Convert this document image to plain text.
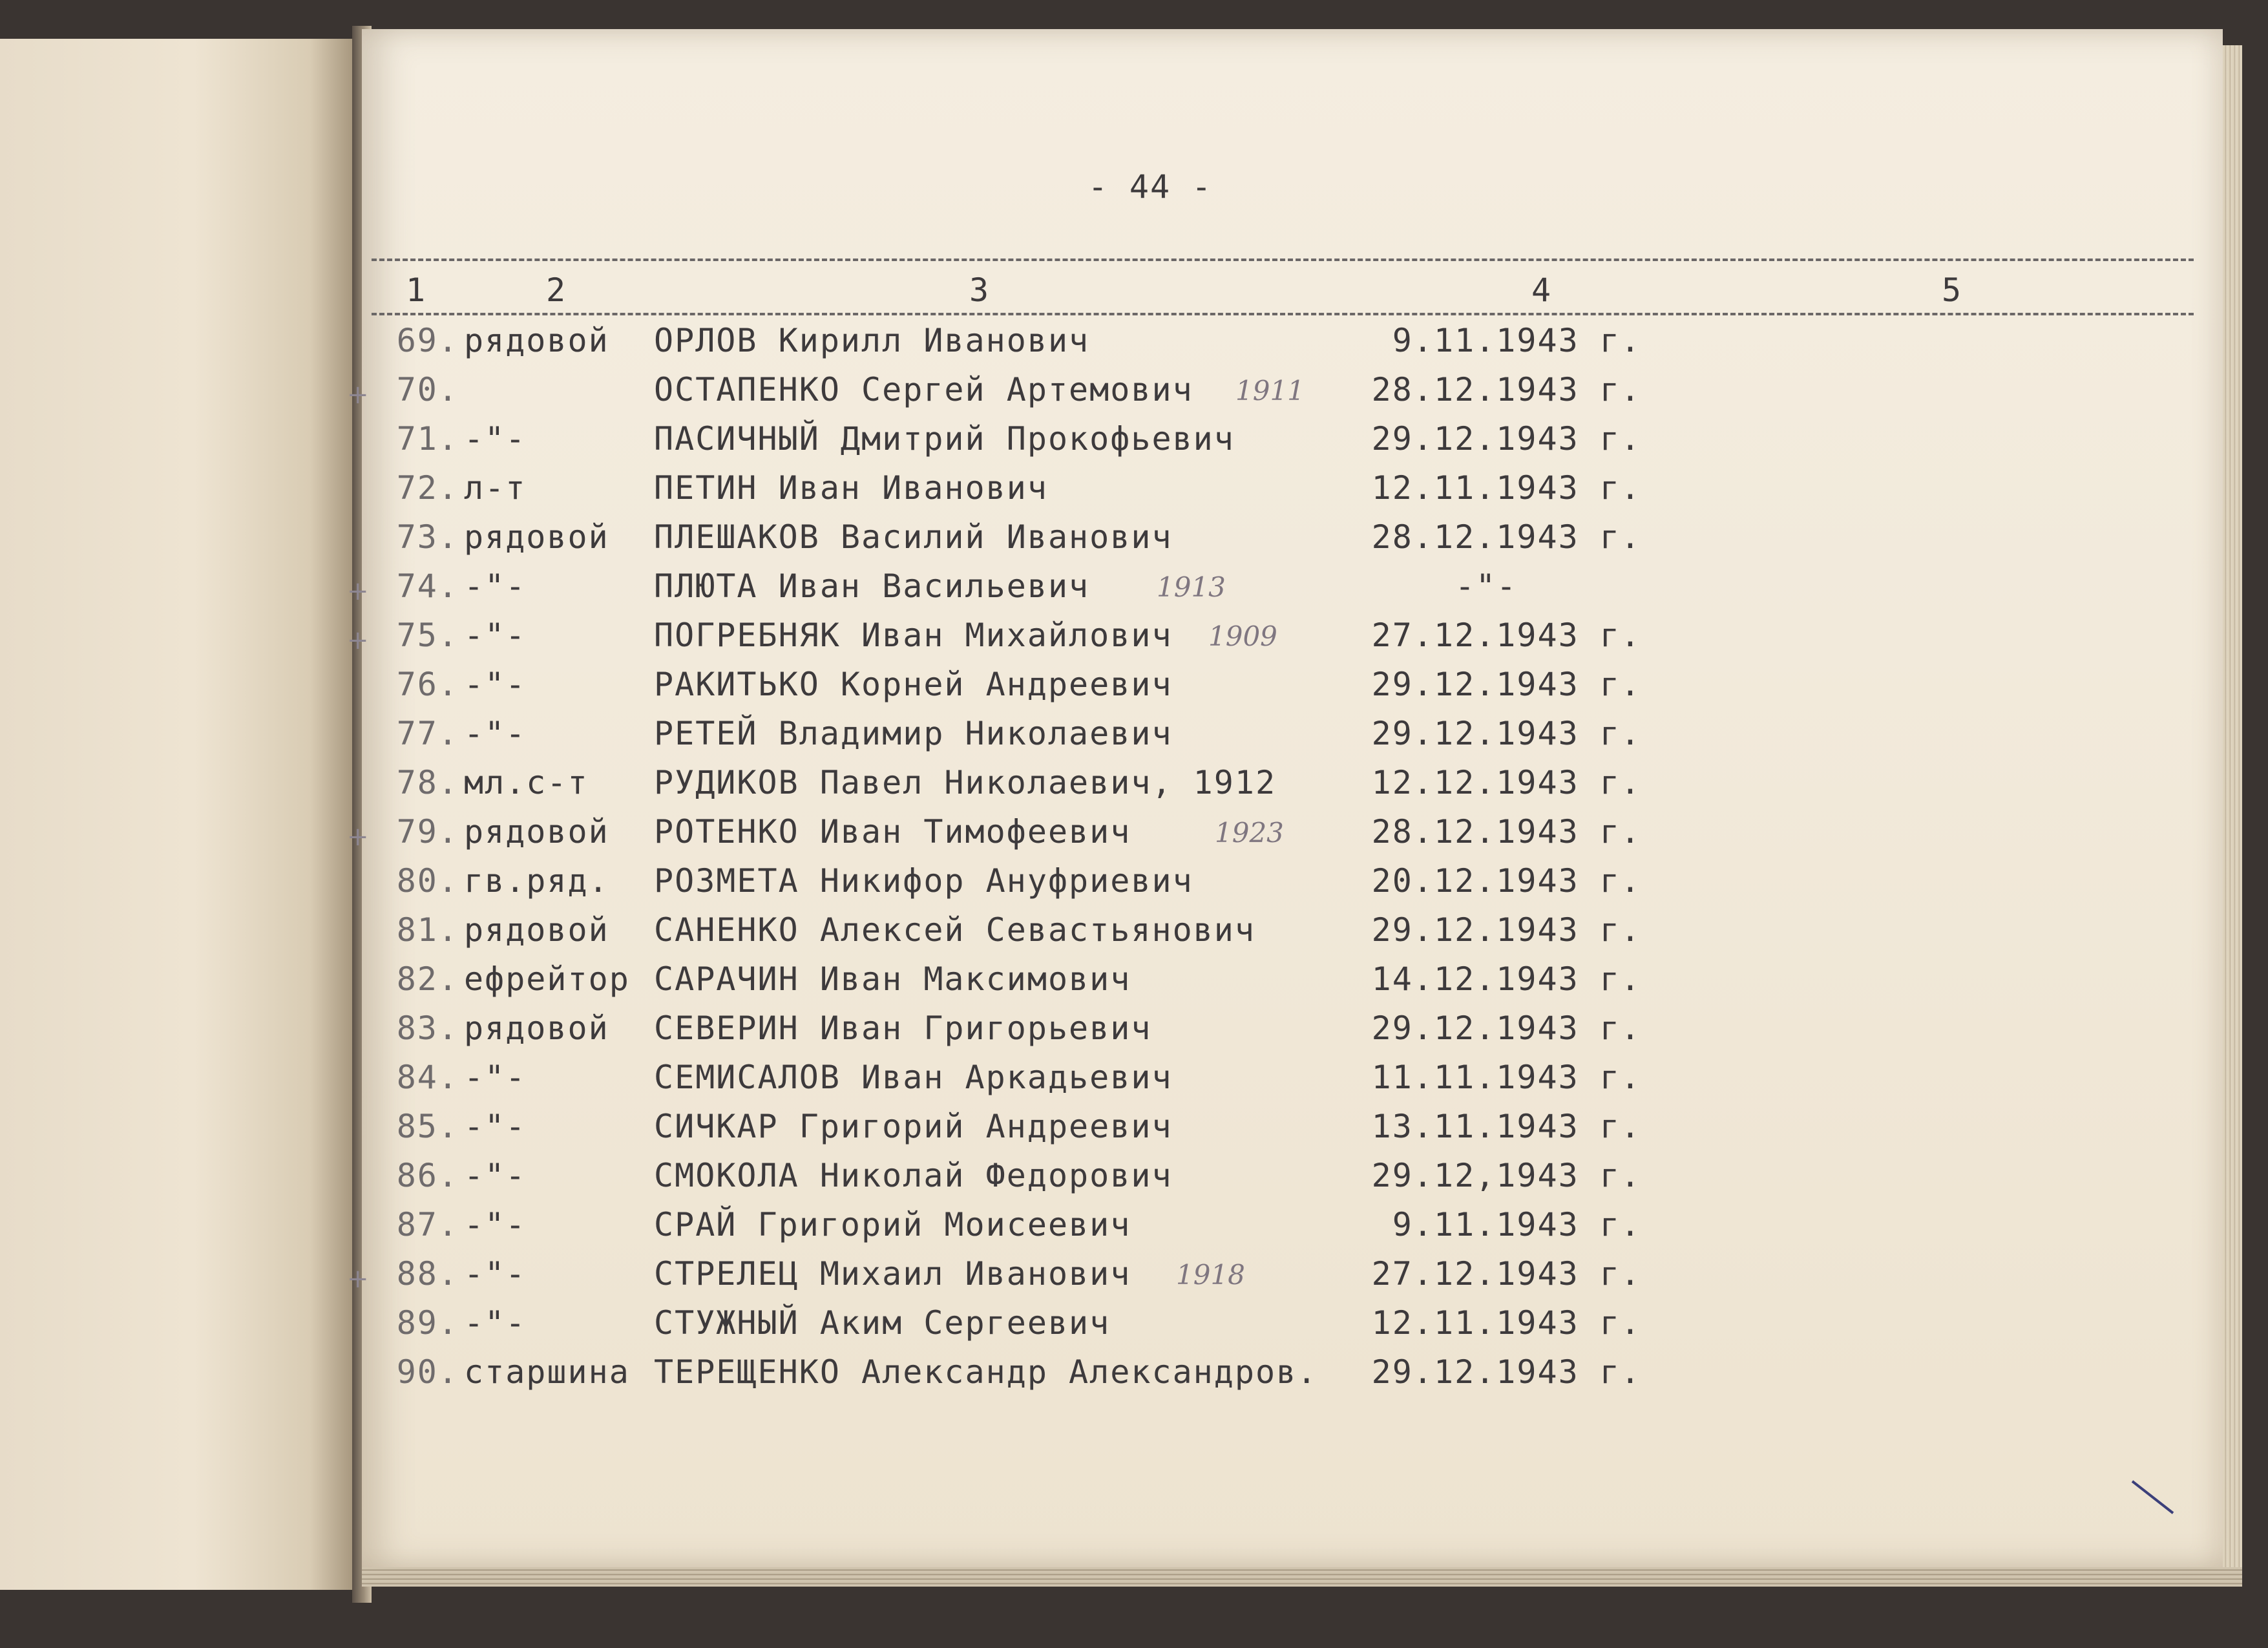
- 44 -
1	2	3	4	5
69. рядовой ОРЛОВ Кирилл Иванович	9.11.1943 г.
70.	ОСТАПЕНКО Сергей Артемович	28.12.1943 г.
1911
+
71. -"-	ПАСИЧНЫЙ Дмитрий Прокофьевич	29.12.1943 г.
72. л-т	ПЕТИН Иван Иванович	12.11.1943 г.
73. рядовой ПЛЕШАКОВ Василий Иванович	28.12.1943 г.
74. -"-	ПЛЮТА Иван Васильевич	-"-
1913
+
75. -"-	ПОГРЕБНЯК Иван Михайлович	27.12.1943 г.
1909
+
76. -"-	РАКИТЬКО Корней Андреевич	29.12.1943 г.
77. -"-	РЕТЕЙ Владимир Николаевич	29.12.1943 г.
78. мл.с-т РУДИКОВ Павел Николаевич, 1912	12.12.1943 г.
79. рядовой РОТЕНКО Иван Тимофеевич	28.12.1943 г.
1923
+
80. гв.ряд. РОЗМЕТА Никифор Ануфриевич	20.12.1943 г.
81. рядовой САНЕНКО Алексей Севастьянович	29.12.1943 г.
82. ефрейтор САРАЧИН Иван Максимович	14.12.1943 г.
83. рядовой СЕВЕРИН Иван Григорьевич	29.12.1943 г.
84. -"-	СЕМИСАЛОВ Иван Аркадьевич	11.11.1943 г.
85. -"-	СИЧКАР Григорий Андреевич	13.11.1943 г.
86. -"-	СМОКОЛА Николай Федорович	29.12,1943 г.
87. -"-	СРАЙ Григорий Моисеевич	9.11.1943 г.
88. -"-	СТРЕЛЕЦ Михаил Иванович	27.12.1943 г.
1918
+
89. -"-	СТУЖНЫЙ Аким Сергеевич	12.11.1943 г.
90. старшина ТЕРЕЩЕНКО Александр Александров.	29.12.1943 г.
